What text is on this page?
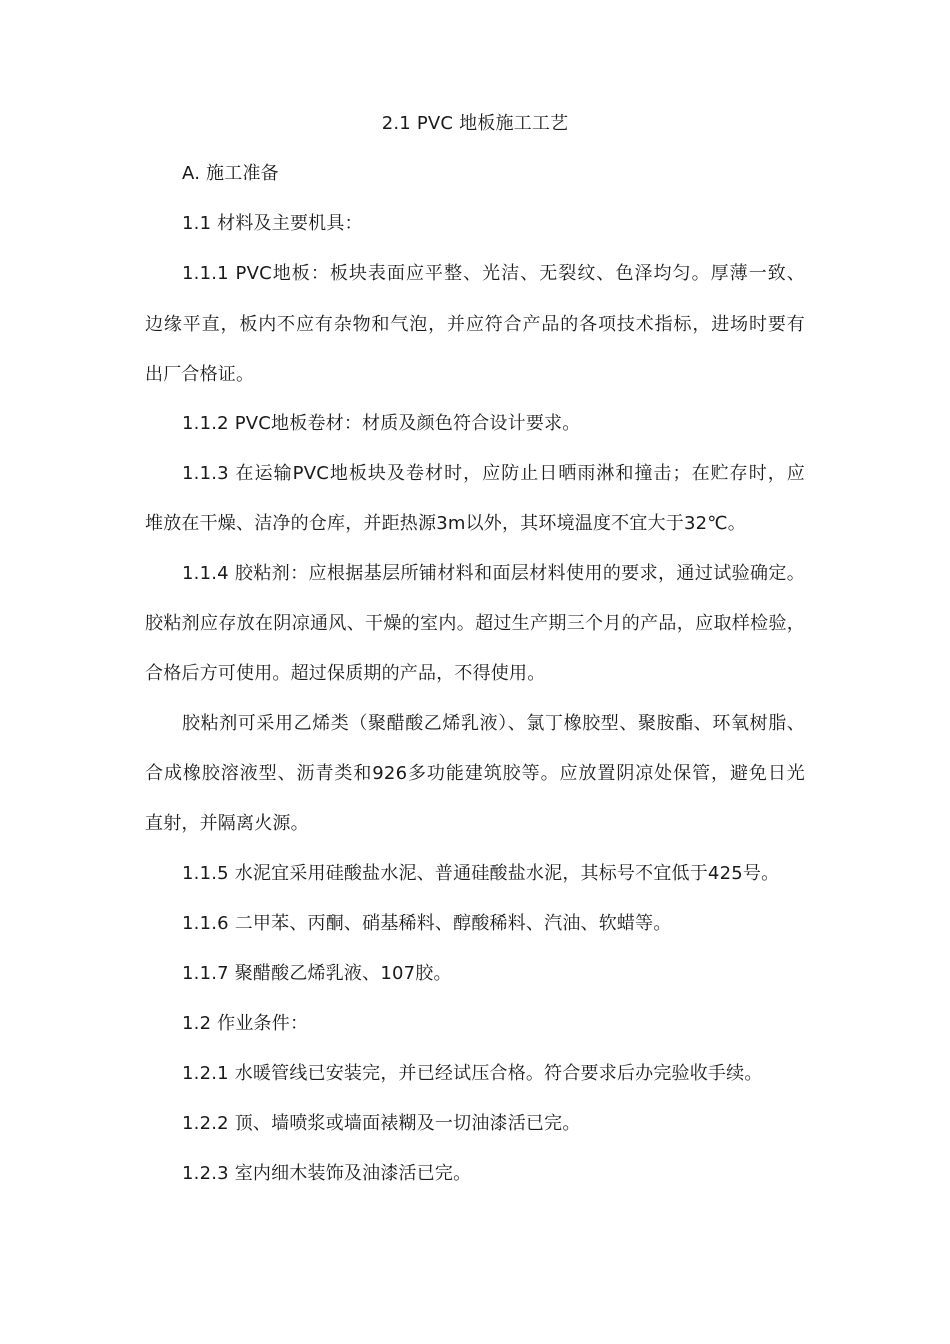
2.1 PVC 地板施工工艺
A. 施工准备
1.1 材料及主要机具：
1.1.1 PVC地板：板块表面应平整、光洁、无裂纹、色泽均匀。厚薄一致、
边缘平直，板内不应有杂物和气泡，并应符合产品的各项技术指标，进场时要有
出厂合格证。
1.1.2 PVC地板卷材：材质及颜色符合设计要求。
1.1.3 在运输PVC地板块及卷材时，应防止日晒雨淋和撞击；在贮存时，应
堆放在干燥、洁净的仓库，并距热源3m以外，其环境温度不宜大于32℃。
1.1.4 胶粘剂：应根据基层所铺材料和面层材料使用的要求，通过试验确定。
胶粘剂应存放在阴凉通风、干燥的室内。超过生产期三个月的产品，应取样检验，
合格后方可使用。超过保质期的产品，不得使用。
胶粘剂可采用乙烯类（聚醋酸乙烯乳液）、氯丁橡胶型、聚胺酯、环氧树脂、
合成橡胶溶液型、沥青类和926多功能建筑胶等。应放置阴凉处保管，避免日光
直射，并隔离火源。
1.1.5 水泥宜采用硅酸盐水泥、普通硅酸盐水泥，其标号不宜低于425号。
1.1.6 二甲苯、丙酮、硝基稀料、醇酸稀料、汽油、软蜡等。
1.1.7 聚醋酸乙烯乳液、107胶。
1.2 作业条件：
1.2.1 水暖管线已安装完，并已经试压合格。符合要求后办完验收手续。
1.2.2 顶、墙喷浆或墙面裱糊及一切油漆活已完。
1.2.3 室内细木装饰及油漆活已完。
